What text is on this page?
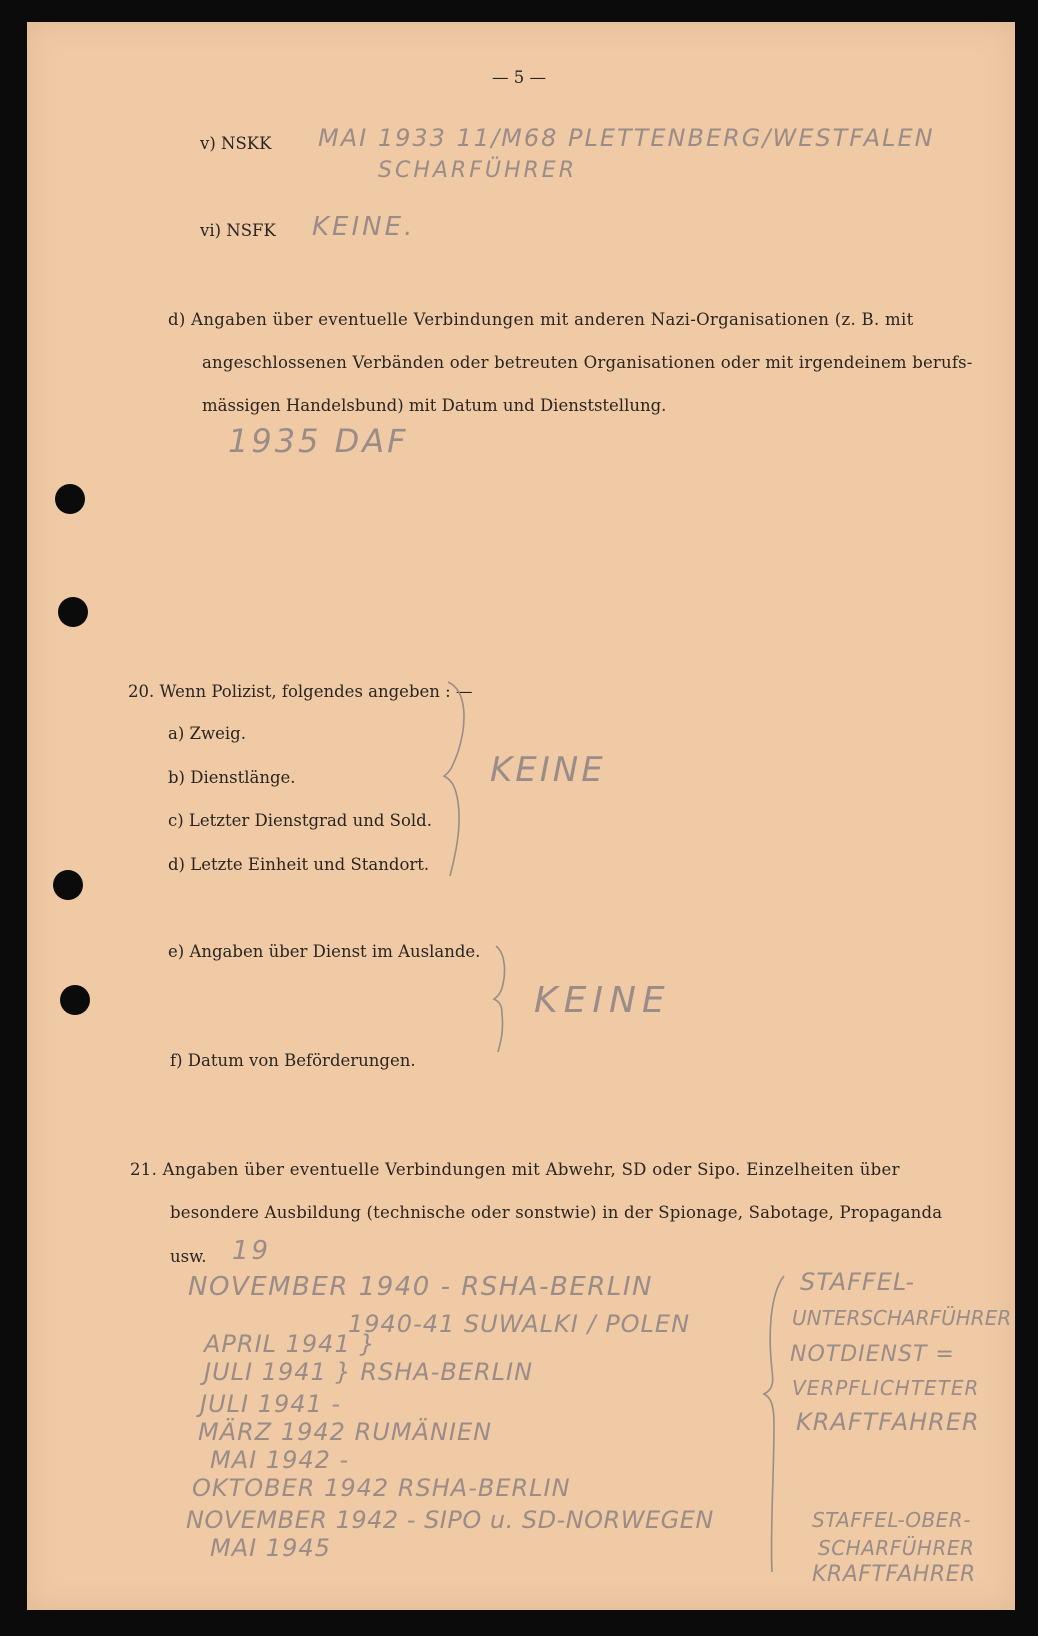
— 5 —
v) NSKK MAI 1933 11/M68 PLETTENBERG/WESTFALEN
SCHARFÜHRER
vi) NSFK KEINE.
d) Angaben über eventuelle Verbindungen mit anderen Nazi-Organisationen (z. B. mit
angeschlossenen Verbänden oder betreuten Organisationen oder mit irgendeinem berufs-
mässigen Handelsbund) mit Datum und Dienststellung.
1935 DAF
20. Wenn Polizist, folgendes angeben : —
a) Zweig.
b) Dienstlänge.
c) Letzter Dienstgrad und Sold.
d) Letzte Einheit und Standort.
KEINE
e) Angaben über Dienst im Auslande.
f) Datum von Beförderungen.
KEINE
21. Angaben über eventuelle Verbindungen mit Abwehr, SD oder Sipo. Einzelheiten über
besondere Ausbildung (technische oder sonstwie) in der Spionage, Sabotage, Propaganda
usw. 19
NOVEMBER 1940 - RSHA-BERLIN
1940-41 SUWALKI / POLEN
APRIL 1941 }
JULI 1941 } RSHA-BERLIN
JULI 1941 -
MÄRZ 1942 RUMÄNIEN
MAI 1942 -
OKTOBER 1942 RSHA-BERLIN
NOVEMBER 1942 - SIPO u. SD-NORWEGEN
MAI 1945
STAFFEL-
UNTERSCHARFÜHRER
NOTDIENST =
VERPFLICHTETER
KRAFTFAHRER
STAFFEL-OBER-
SCHARFÜHRER
KRAFTFAHRER
